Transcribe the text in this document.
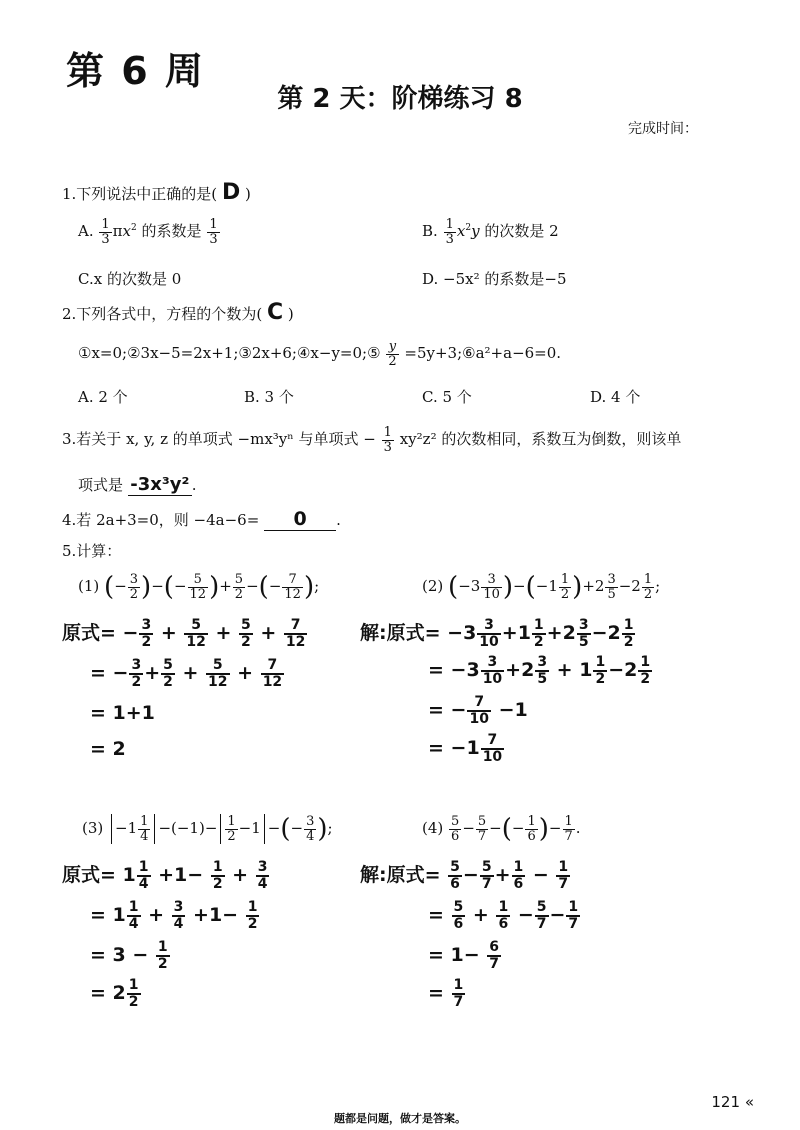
第 6 周
第 2 天：阶梯练习 8
完成时间：
1.下列说法中正确的是( D )
A. $\frac{1}{3} \pi x^2$ 的系数是 $\frac{1}{3}$	B. $\frac{1}{3} x^2y$ 的次数是 2
C.x 的次数是 0	D. −5x² 的系数是−5
2.下列各式中，方程的个数为( C )
①x=0;②3x−5=2x+1;③2x+6;④x−y=0;⑤ $\frac{y}{2}$ =5y+3;⑥a²+a−6=0.
A. 2 个	B. 3 个	C. 5 个	D. 4 个
3.若关于 x, y, z 的单项式 −mx³yⁿ 与单项式 − $\frac{1}{3} xy^2z^2$ 的次数相同，系数互为倒数，则该单
项式是 -3x³y² .
4.若 2a+3=0，则 −4a−6= 0 .
5.计算：
(1) (− $\frac{3}{2}$ )−(− $\frac{5}{12}$ )+ $\frac{5}{2}$ −(− $\frac{7}{12}$ );	(2) $(-3 \frac{3}{10} )-(-1 \frac{1}{2} )+2 \frac{3}{5} -2 \frac{1}{2}$ ;
原式= − $\frac{3}{2} + \frac{5}{12} + \frac{5}{2} + \frac{7}{12}$
= − $\frac{3}{2} + \frac{5}{2} + \frac{5}{12} + \frac{7}{12}$
= 1+1
= 2
解:原式= $-3 \frac{3}{10} +1 \frac{1}{2} +2 \frac{3}{5} -2 \frac{1}{2}$
= $-3 \frac{3}{10} +2 \frac{3}{5} + 1 \frac{1}{2} -2 \frac{1}{2}$
= − $\frac{7}{10} -1$
= $-1 \frac{7}{10}$
$(3) -1 \frac{1}{4} -(-1)- \frac{1}{2} -1$ −(− $\frac{3}{4}$ );	$(4) \frac{5}{6} - \frac{5}{7}$ −(− $\frac{1}{6}$ )− $\frac{1}{7}$ .
原式= $1 \frac{1}{4} +1- \frac{1}{2} + \frac{3}{4}$
= $1 \frac{1}{4} + \frac{3}{4} +1- \frac{1}{2}$
= $3 - \frac{1}{2}$
= $2 \frac{1}{2}$
解:原式= $\frac{5}{6} - \frac{5}{7} + \frac{1}{6} - \frac{1}{7}$
= $\frac{5}{6} + \frac{1}{6} - \frac{5}{7} - \frac{1}{7}$
= $1- \frac{6}{7}$
= $\frac{1}{7}$
121 «
题都是问题，做才是答案。
